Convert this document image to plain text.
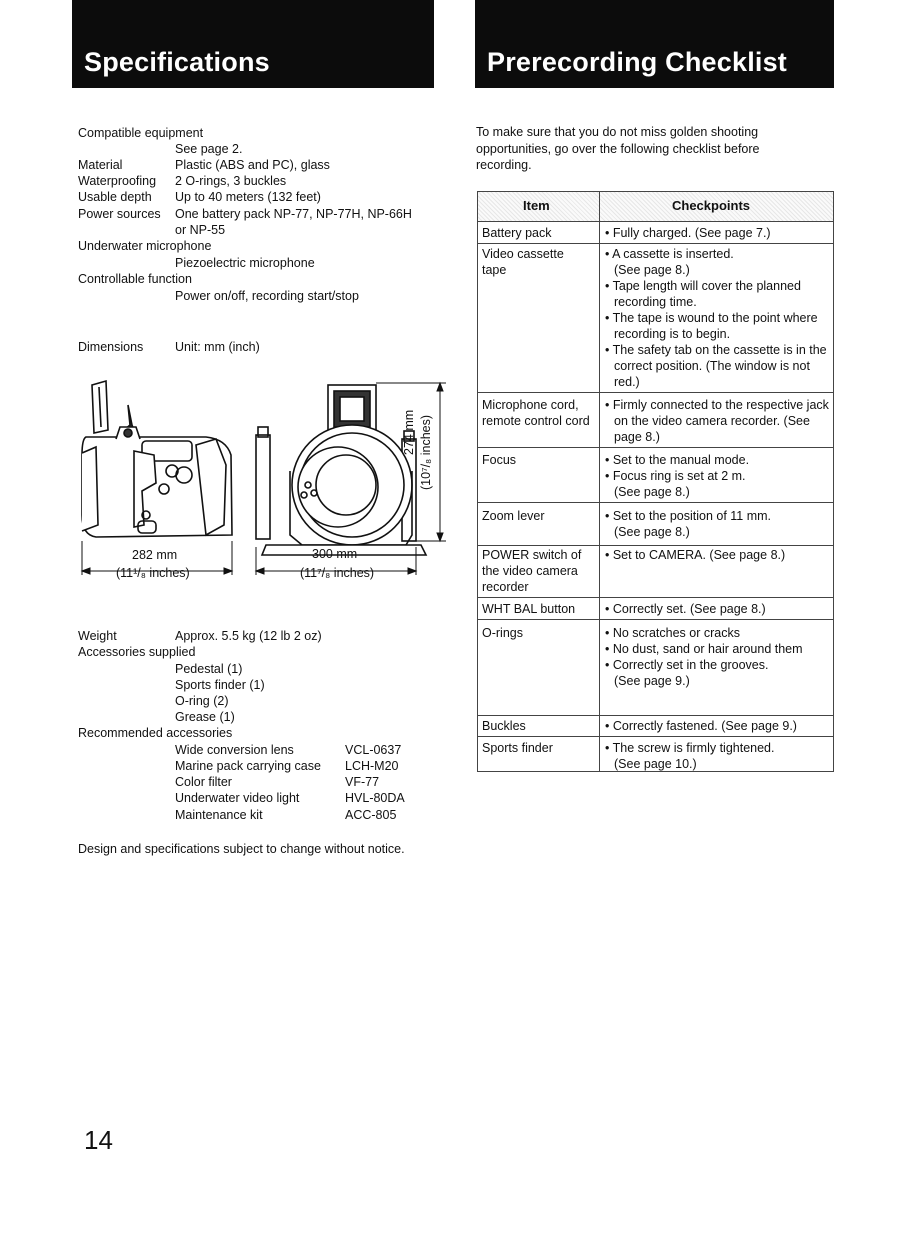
Specifications	Prerecording Checklist
Compatible equipment
See page 2.
Material	Plastic (ABS and PC), glass
Waterproofing 2 O-rings, 3 buckles
Usable depth Up to 40 meters (132 feet)
Power sources One battery pack NP-77, NP-77H, NP-66H
or NP-55
Underwater microphone
Piezoelectric microphone
Controllable function
Power on/off, recording start/stop
Dimensions	Unit: mm (inch)
282 mm
(11¹/₈ inches)
300 mm
(11⁷/₈ inches)
274 mm (10⁷/₈ inches)
Weight	Approx. 5.5 kg (12 lb 2 oz)
Accessories supplied
Pedestal (1)
Sports finder (1)
O-ring (2)
Grease (1)
Recommended accessories
Wide conversion lens	VCL-0637
Marine pack carrying case LCH-M20
Color filter	VF-77
Underwater video light	HVL-80DA
Maintenance kit	ACC-805
Design and specifications subject to change without notice.
To make sure that you do not miss golden shooting opportunities, go over the following checklist before recording.
Item	Checkpoints
Battery pack	• Fully charged. (See page 7.)
Video cassette tape
• A cassette is inserted.
(See page 8.)
• Tape length will cover the planned recording time.
• The tape is wound to the point where recording is to begin.
• The safety tab on the cassette is in the correct position. (The window is not red.)
Microphone cord, remote control cord
• Firmly connected to the respective jack on the video camera recorder. (See page 8.)
Focus	• Set to the manual mode.
• Focus ring is set at 2 m.
(See page 8.)
Zoom lever	• Set to the position of 11 mm.
(See page 8.)
POWER switch of the video camera recorder
• Set to CAMERA. (See page 8.)
WHT BAL button	• Correctly set. (See page 8.)
O-rings	• No scratches or cracks
• No dust, sand or hair around them
• Correctly set in the grooves.
(See page 9.)
Buckles	• Correctly fastened. (See page 9.)
Sports finder	• The screw is firmly tightened.
(See page 10.)
14
